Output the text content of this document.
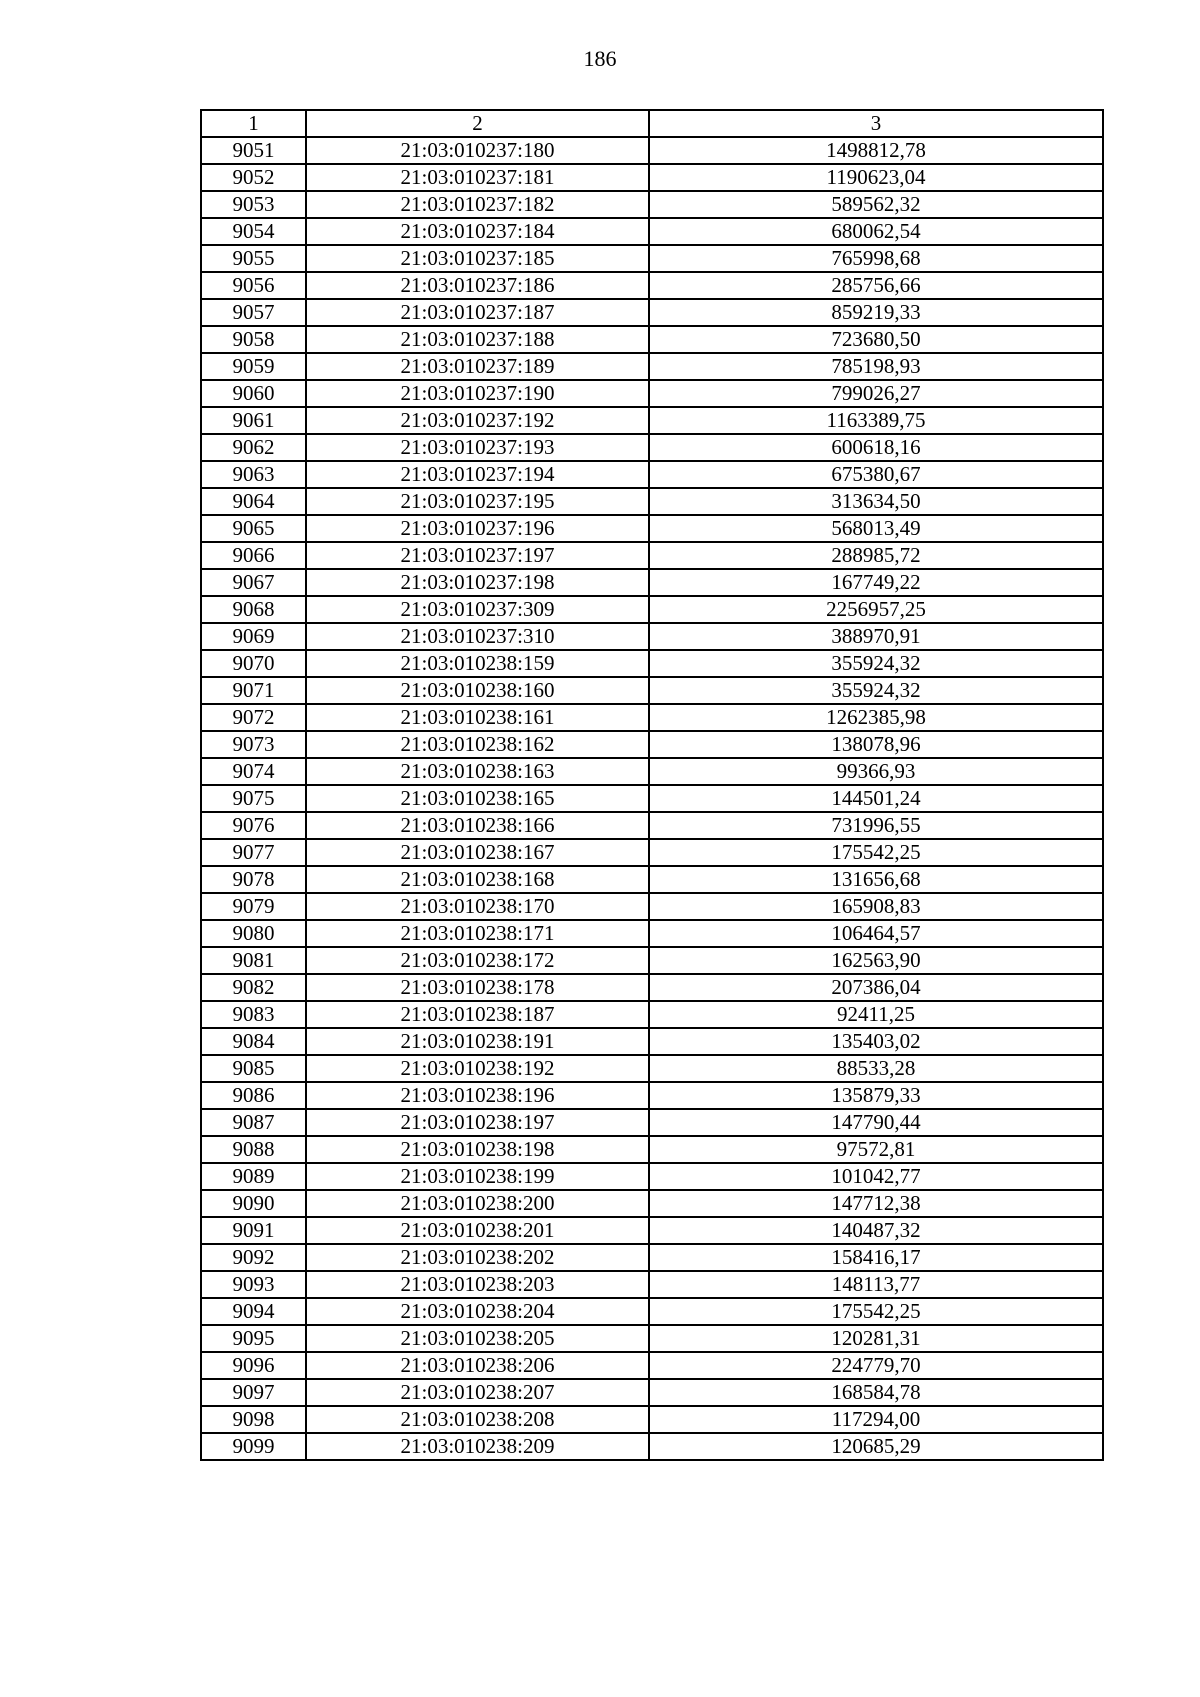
186
1	2	3
9051	21:03:010237:180	1498812,78
9052	21:03:010237:181	1190623,04
9053	21:03:010237:182	589562,32
9054	21:03:010237:184	680062,54
9055	21:03:010237:185	765998,68
9056	21:03:010237:186	285756,66
9057	21:03:010237:187	859219,33
9058	21:03:010237:188	723680,50
9059	21:03:010237:189	785198,93
9060	21:03:010237:190	799026,27
9061	21:03:010237:192	1163389,75
9062	21:03:010237:193	600618,16
9063	21:03:010237:194	675380,67
9064	21:03:010237:195	313634,50
9065	21:03:010237:196	568013,49
9066	21:03:010237:197	288985,72
9067	21:03:010237:198	167749,22
9068	21:03:010237:309	2256957,25
9069	21:03:010237:310	388970,91
9070	21:03:010238:159	355924,32
9071	21:03:010238:160	355924,32
9072	21:03:010238:161	1262385,98
9073	21:03:010238:162	138078,96
9074	21:03:010238:163	99366,93
9075	21:03:010238:165	144501,24
9076	21:03:010238:166	731996,55
9077	21:03:010238:167	175542,25
9078	21:03:010238:168	131656,68
9079	21:03:010238:170	165908,83
9080	21:03:010238:171	106464,57
9081	21:03:010238:172	162563,90
9082	21:03:010238:178	207386,04
9083	21:03:010238:187	92411,25
9084	21:03:010238:191	135403,02
9085	21:03:010238:192	88533,28
9086	21:03:010238:196	135879,33
9087	21:03:010238:197	147790,44
9088	21:03:010238:198	97572,81
9089	21:03:010238:199	101042,77
9090	21:03:010238:200	147712,38
9091	21:03:010238:201	140487,32
9092	21:03:010238:202	158416,17
9093	21:03:010238:203	148113,77
9094	21:03:010238:204	175542,25
9095	21:03:010238:205	120281,31
9096	21:03:010238:206	224779,70
9097	21:03:010238:207	168584,78
9098	21:03:010238:208	117294,00
9099	21:03:010238:209	120685,29
